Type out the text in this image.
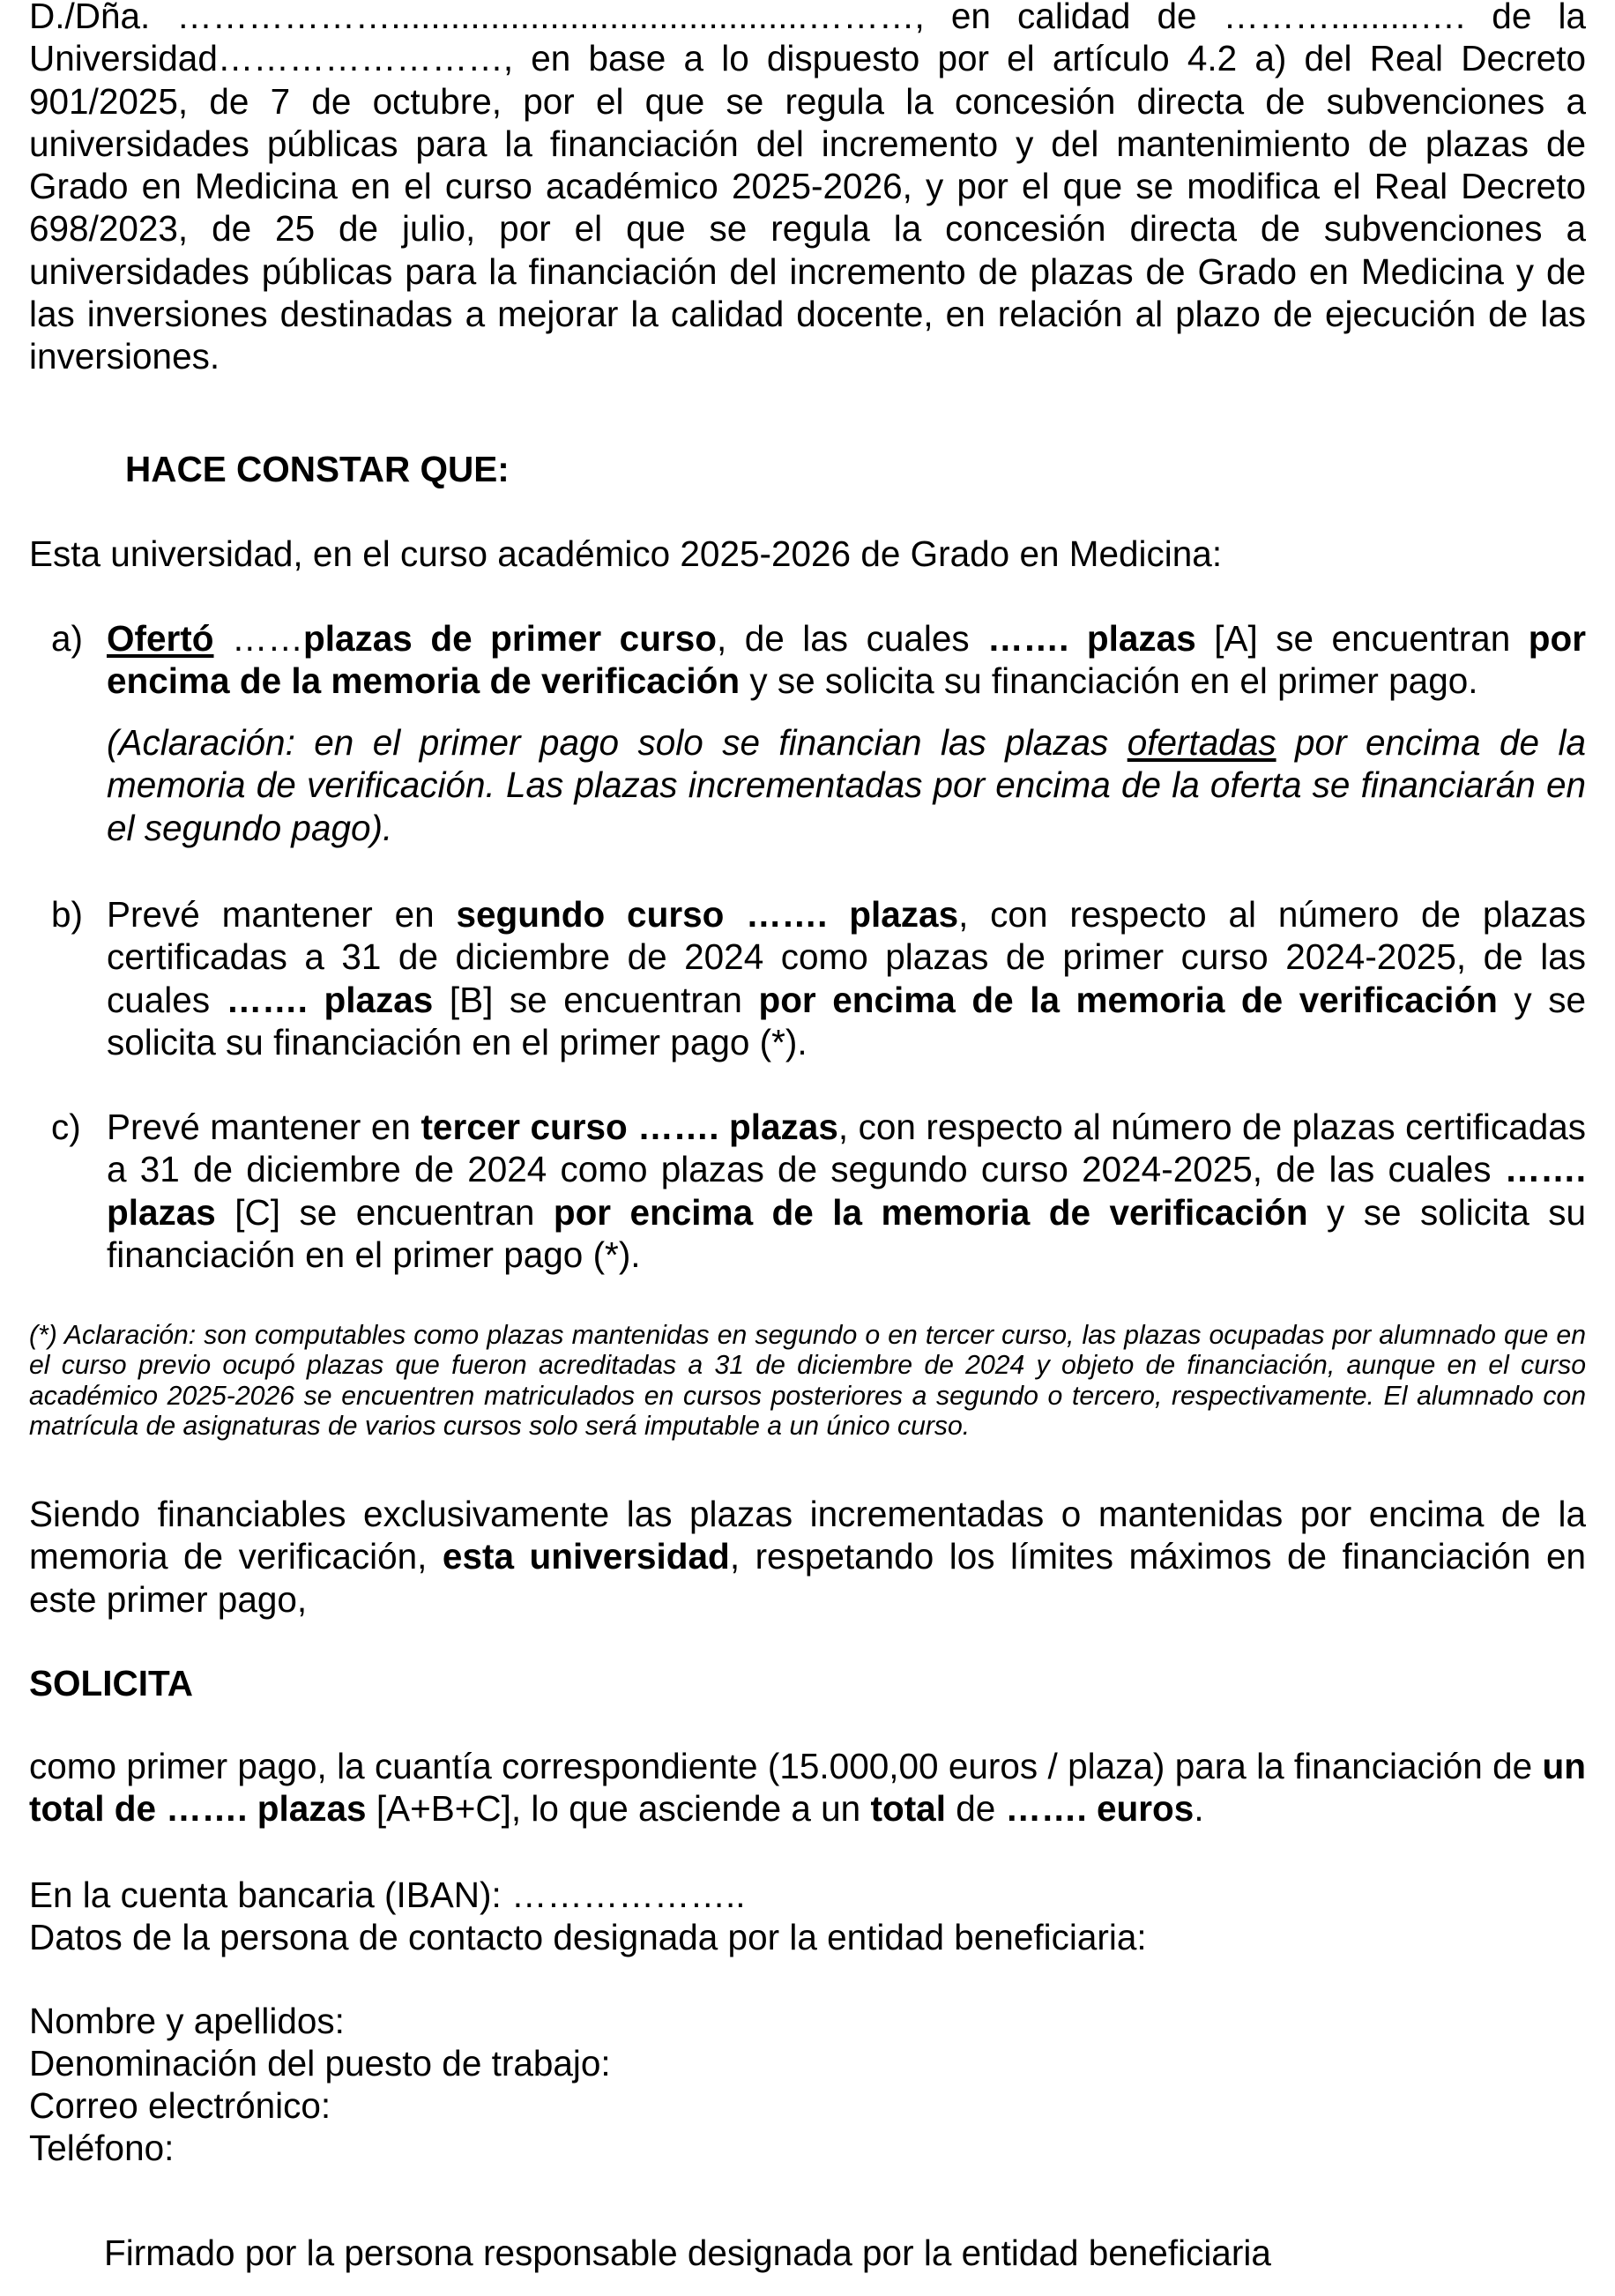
D./Dña. ………………..........................................………, en calidad de ……….........…. de la Universidad……………………, en base a lo dispuesto por el artículo 4.2 a) del Real Decreto 901/2025, de 7 de octubre, por el que se regula la concesión directa de subvenciones a universidades públicas para la financiación del incremento y del mantenimiento de plazas de Grado en Medicina en el curso académico 2025-2026, y por el que se modifica el Real Decreto 698/2023, de 25 de julio, por el que se regula la concesión directa de subvenciones a universidades públicas para la financiación del incremento de plazas de Grado en Medicina y de las inversiones destinadas a mejorar la calidad docente, en relación al plazo de ejecución de las inversiones.

HACE CONSTAR QUE:

Esta universidad, en el curso académico 2025-2026 de Grado en Medicina:

a) Ofertó ……plazas de primer curso, de las cuales ……. plazas [A] se encuentran por encima de la memoria de verificación y se solicita su financiación en el primer pago.

(Aclaración: en el primer pago solo se financian las plazas ofertadas por encima de la memoria de verificación. Las plazas incrementadas por encima de la oferta se financiarán en el segundo pago).

b) Prevé mantener en segundo curso ……. plazas, con respecto al número de plazas certificadas a 31 de diciembre de 2024 como plazas de primer curso 2024-2025, de las cuales ……. plazas [B] se encuentran por encima de la memoria de verificación y se solicita su financiación en el primer pago (*).

c) Prevé mantener en tercer curso ……. plazas, con respecto al número de plazas certificadas a 31 de diciembre de 2024 como plazas de segundo curso 2024-2025, de las cuales ……. plazas [C] se encuentran por encima de la memoria de verificación y se solicita su financiación en el primer pago (*).

(*) Aclaración: son computables como plazas mantenidas en segundo o en tercer curso, las plazas ocupadas por alumnado que en el curso previo ocupó plazas que fueron acreditadas a 31 de diciembre de 2024 y objeto de financiación, aunque en el curso académico 2025-2026 se encuentren matriculados en cursos posteriores a segundo o tercero, respectivamente. El alumnado con matrícula de asignaturas de varios cursos solo será imputable a un único curso.

Siendo financiables exclusivamente las plazas incrementadas o mantenidas por encima de la memoria de verificación, esta universidad, respetando los límites máximos de financiación en este primer pago,

SOLICITA

como primer pago, la cuantía correspondiente (15.000,00 euros / plaza) para la financiación de un total de ……. plazas [A+B+C], lo que asciende a un total de ……. euros.

En la cuenta bancaria (IBAN): ………………..

Datos de la persona de contacto designada por la entidad beneficiaria:

Nombre y apellidos:

Denominación del puesto de trabajo:

Correo electrónico:

Teléfono:

Firmado por la persona responsable designada por la entidad beneficiaria
